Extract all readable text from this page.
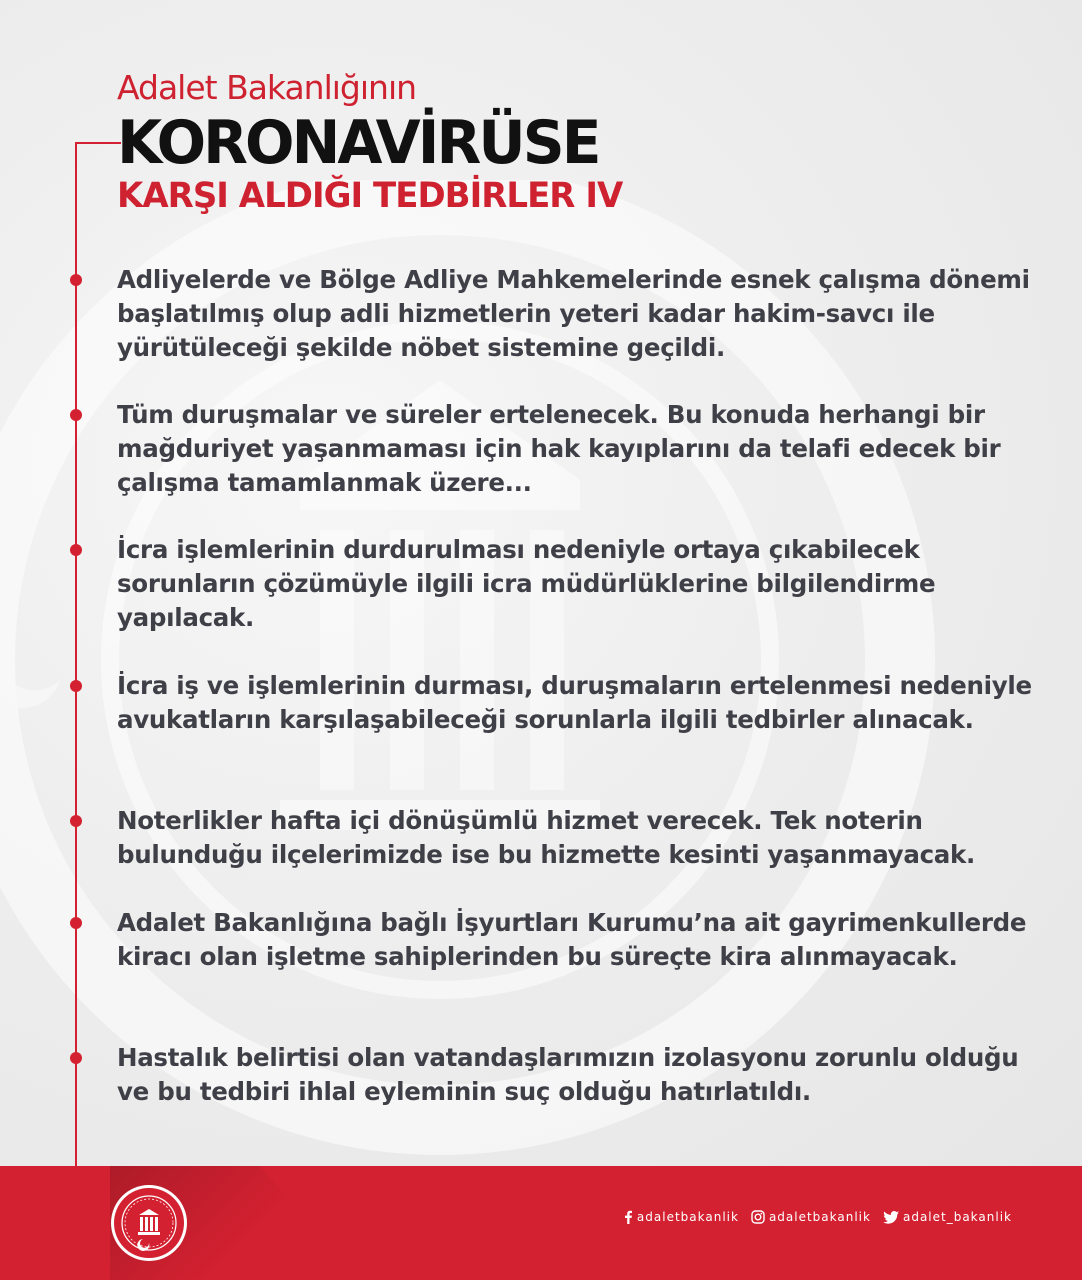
Adalet Bakanlığının
KORONAVİRÜSE
KARŞI ALDIĞI TEDBİRLER IV

Adliyelerde ve Bölge Adliye Mahkemelerinde esnek çalışma dönemi başlatılmış olup adli hizmetlerin yeteri kadar hakim-savcı ile yürütüleceği şekilde nöbet sistemine geçildi.

Tüm duruşmalar ve süreler ertelenecek. Bu konuda herhangi bir mağduriyet yaşanmaması için hak kayıplarını da telafi edecek bir çalışma tamamlanmak üzere...

İcra işlemlerinin durdurulması nedeniyle ortaya çıkabilecek sorunların çözümüyle ilgili icra müdürlüklerine bilgilendirme yapılacak.

İcra iş ve işlemlerinin durması, duruşmaların ertelenmesi nedeniyle avukatların karşılaşabileceği sorunlarla ilgili tedbirler alınacak.

Noterlikler hafta içi dönüşümlü hizmet verecek. Tek noterin bulunduğu ilçelerimizde ise bu hizmette kesinti yaşanmayacak.

Adalet Bakanlığına bağlı İşyurtları Kurumu’na ait gayrimenkullerde kiracı olan işletme sahiplerinden bu süreçte kira alınmayacak.

Hastalık belirtisi olan vatandaşlarımızın izolasyonu zorunlu olduğu ve bu tedbiri ihlal eyleminin suç olduğu hatırlatıldı.

adaletbakanlik	adaletbakanlik	adalet_bakanlik
